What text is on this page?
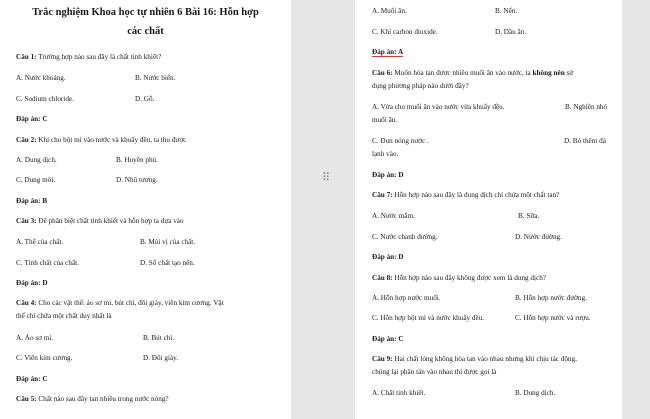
Trắc nghiệm Khoa học tự nhiên 6 Bài 16: Hỗn hợp
các chất
Câu 1: Trường hợp nào sau đây là chất tinh khiết?
A. Nước khoáng.	B. Nước biển.
C. Sodium chloride.	D. Gỗ.
Đáp án: C
Câu 2: Khi cho bột mì vào nước và khuấy đều, ta thu được
A. Dung dịch.	B. Huyền phù.
C. Dung môi.	D. Nhũ tương.
Đáp án: B
Câu 3: Để phân biệt chất tinh khiết và hỗn hợp ta dựa vào
A. Thể của chất.	B. Mùi vị của chất.
C. Tính chất của chất.	D. Số chất tạo nên.
Đáp án: D
Câu 4: Cho các vật thể: áo sơ mi, bút chì, đôi giày, viên kim cương. Vật
thể chỉ chứa một chất duy nhất là
A. Áo sơ mi.	B. Bút chì.
C. Viên kim cương.	D. Đôi giày.
Đáp án: C
Câu 5: Chất nào sau đây tan nhiều trong nước nóng?
⠿
A. Muối ăn.	B. Nến.
C. Khí carbon dioxide.	D. Dầu ăn.
Đáp án: A
Câu 6: Muốn hòa tan được nhiều muối ăn vào nước, ta không nên sử
dụng phương pháp nào dưới đây?
A. Vừa cho muối ăn vào nước vừa khuấy đều.	B. Nghiền nhỏ
muối ăn.
C. Đun nóng nước .	D. Bỏ thêm đá
lạnh vào.
Đáp án: D
Câu 7: Hỗn hợp nào sau đây là dung dịch chỉ chứa một chất tan?
A. Nước mắm.	B. Sữa.
C. Nước chanh đường.	D. Nước đường.
Đáp án: D
Câu 8: Hỗn hợp nào sau đây không được xem là dung dịch?
A. Hỗn hợp nước muối.	B. Hỗn hợp nước đường.
C. Hỗn hợp bột mì và nước khuấy đều.	C. Hỗn hợp nước và rượu.
Đáp án: C
Câu 9: Hai chất lỏng không hòa tan vào nhau nhưng khi chịu tác động,
chúng lại phân tán vào nhau thì được gọi là
A. Chất tinh khiết.	B. Dung dịch.
